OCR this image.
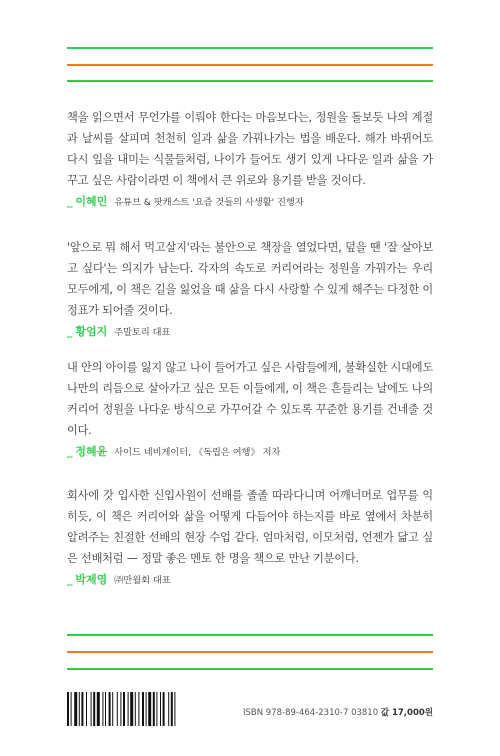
책을 읽으면서 무언가를 이뤄야 한다는 마음보다는, 정원을 돌보듯 나의 계절과 날씨를 살피며 천천히 일과 삶을 가꿔나가는 법을 배운다. 해가 바뀌어도 다시 잎을 내미는 식물들처럼, 나이가 들어도 생기 있게 나다운 일과 삶을 가꾸고 싶은 사람이라면 이 책에서 큰 위로와 용기를 받을 것이다.

_ 이혜민 유튜브 & 팟캐스트 '요즘 것들의 사생활' 진행자

'앞으로 뭐 해서 먹고살지'라는 불안으로 책장을 열었다면, 덮을 땐 '잘 살아보고 싶다'는 의지가 남는다. 각자의 속도로 커리어라는 정원을 가꿔가는 우리 모두에게, 이 책은 길을 잃었을 때 삶을 다시 사랑할 수 있게 해주는 다정한 이정표가 되어줄 것이다.

_ 황엄지 주말토리 대표

내 안의 아이를 잃지 않고 나이 들어가고 싶은 사람들에게, 불확실한 시대에도 나만의 리듬으로 살아가고 싶은 모든 이들에게, 이 책은 흔들리는 날에도 나의 커리어 정원을 나다운 방식으로 가꾸어갈 수 있도록 꾸준한 용기를 건네줄 것이다.

_ 정혜윤 사이드 네비게이터, 《독립은 여행》 저자

회사에 갓 입사한 신입사원이 선배를 졸졸 따라다니며 어깨너머로 업무를 익히듯, 이 책은 커리어와 삶을 어떻게 다듬어야 하는지를 바로 옆에서 차분히 알려주는 친절한 선배의 현장 수업 같다. 엄마처럼, 이모처럼, 언젠가 닮고 싶은 선배처럼 — 정말 좋은 멘토 한 명을 책으로 만난 기분이다.

_ 박제영 ㈜만월회 대표
ISBN 978-89-464-2310-7 03810 값 17,000원
